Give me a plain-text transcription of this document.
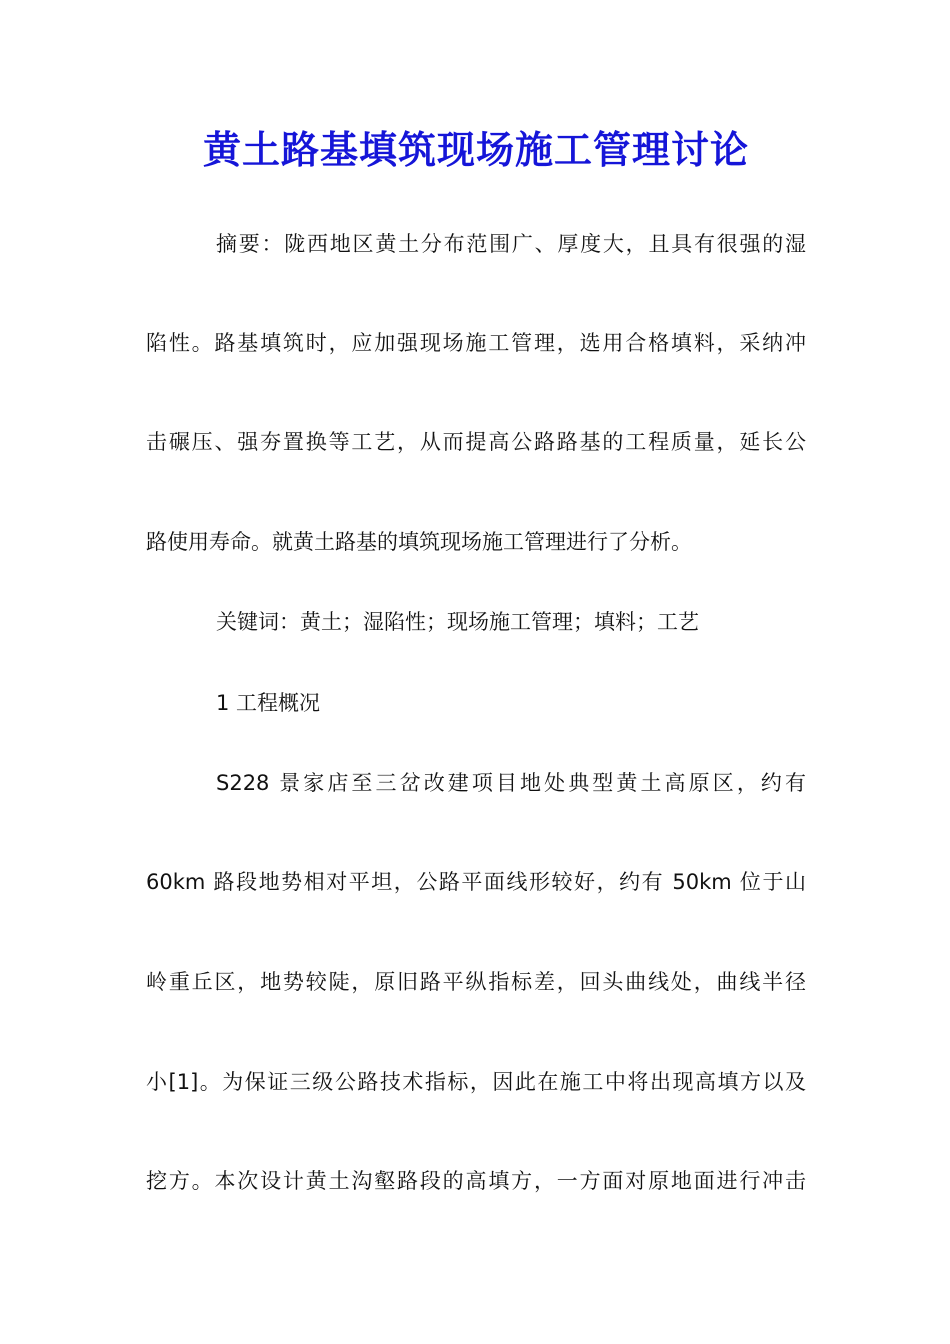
黄土路基填筑现场施工管理讨论

摘要：陇西地区黄土分布范围广、厚度大，且具有很强的湿

陷性。路基填筑时，应加强现场施工管理，选用合格填料，采纳冲

击碾压、强夯置换等工艺，从而提高公路路基的工程质量，延长公

路使用寿命。就黄土路基的填筑现场施工管理进行了分析。

关键词：黄土；湿陷性；现场施工管理；填料；工艺

1 工程概况

S228 景家店至三岔改建项目地处典型黄土高原区，约有

60km 路段地势相对平坦，公路平面线形较好，约有 50km 位于山

岭重丘区，地势较陡，原旧路平纵指标差，回头曲线处，曲线半径

小[1]。为保证三级公路技术指标，因此在施工中将出现高填方以及

挖方。本次设计黄土沟壑路段的高填方，一方面对原地面进行冲击
